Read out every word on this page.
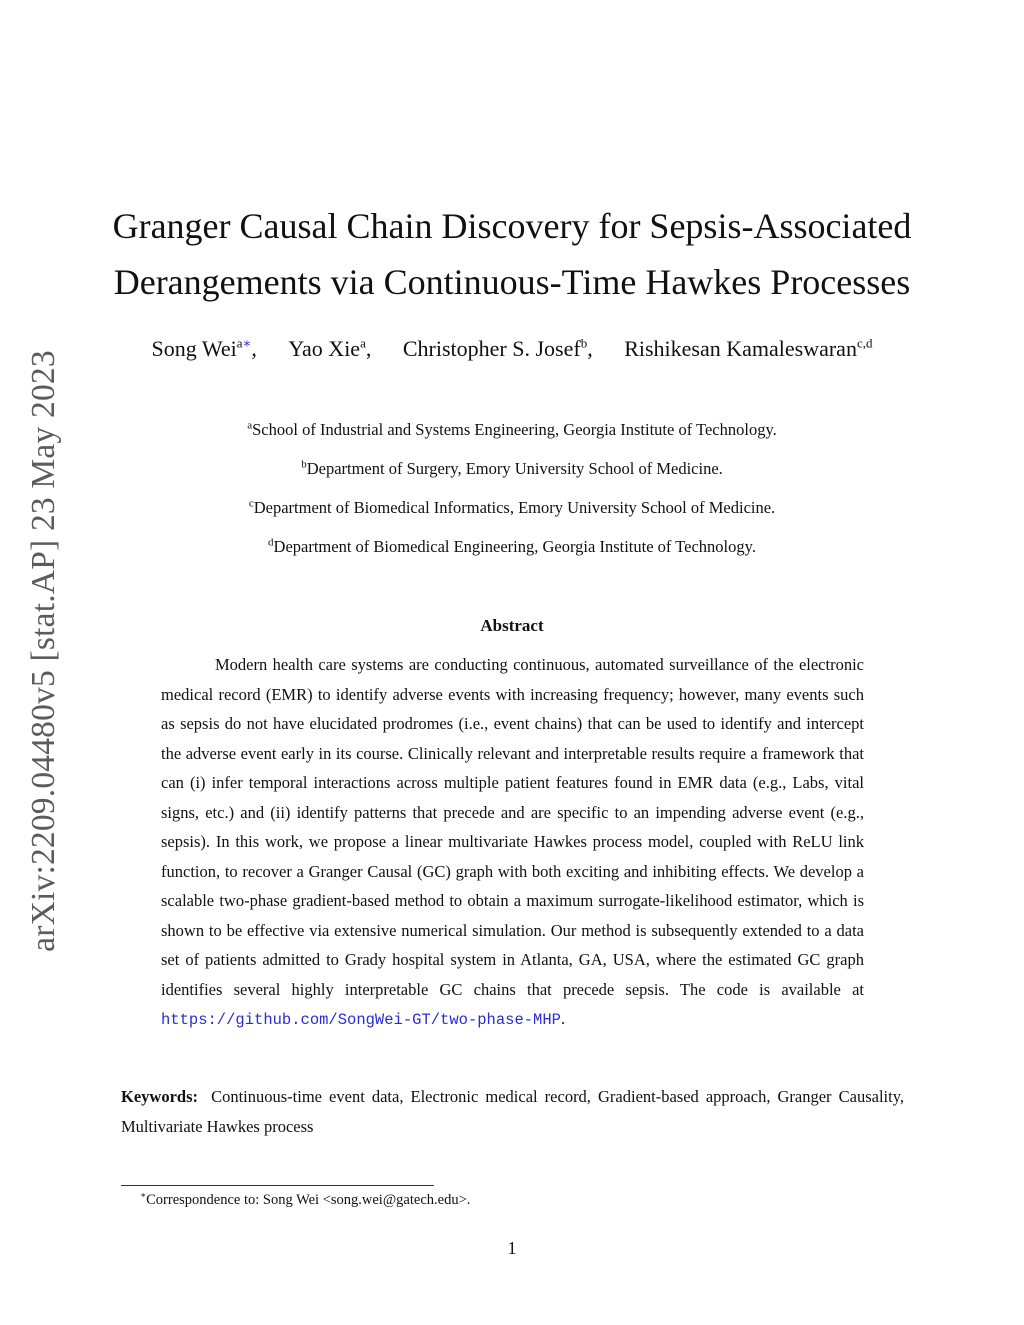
arXiv:2209.04480v5 [stat.AP] 23 May 2023
Granger Causal Chain Discovery for Sepsis-Associated
Derangements via Continuous-Time Hawkes Processes
Song Wei$^{a∗}$, Yao Xie$^a$, Christopher S. Josef$^b$, Rishikesan Kamaleswaran$^{c,d}$
$^a$School of Industrial and Systems Engineering, Georgia Institute of Technology.
$^b$Department of Surgery, Emory University School of Medicine.
$^c$Department of Biomedical Informatics, Emory University School of Medicine.
$^d$Department of Biomedical Engineering, Georgia Institute of Technology.
Abstract

Modern health care systems are conducting continuous, automated surveillance of the electronic medical record (EMR) to identify adverse events with increasing frequency; however, many events such as sepsis do not have elucidated prodromes (i.e., event chains) that can be used to identify and intercept the adverse event early in its course. Clinically relevant and interpretable results require a framework that can (i) infer temporal interactions across multiple patient features found in EMR data (e.g., Labs, vital signs, etc.) and (ii) identify patterns that precede and are specific to an impending adverse event (e.g., sepsis). In this work, we propose a linear multivariate Hawkes process model, coupled with ReLU link function, to recover a Granger Causal (GC) graph with both exciting and inhibiting effects. We develop a scalable two-phase gradient-based method to obtain a maximum surrogate-likelihood estimator, which is shown to be effective via extensive numerical simulation. Our method is subsequently extended to a data set of patients admitted to Grady hospital system in Atlanta, GA, USA, where the estimated GC graph identifies several highly interpretable GC chains that precede sepsis. The code is available at https://github.com/SongWei-GT/two-phase-MHP.

Keywords: Continuous-time event data, Electronic medical record, Gradient-based approach, Granger Causality, Multivariate Hawkes process

∗Correspondence to: Song Wei <song.wei@gatech.edu>.
1
